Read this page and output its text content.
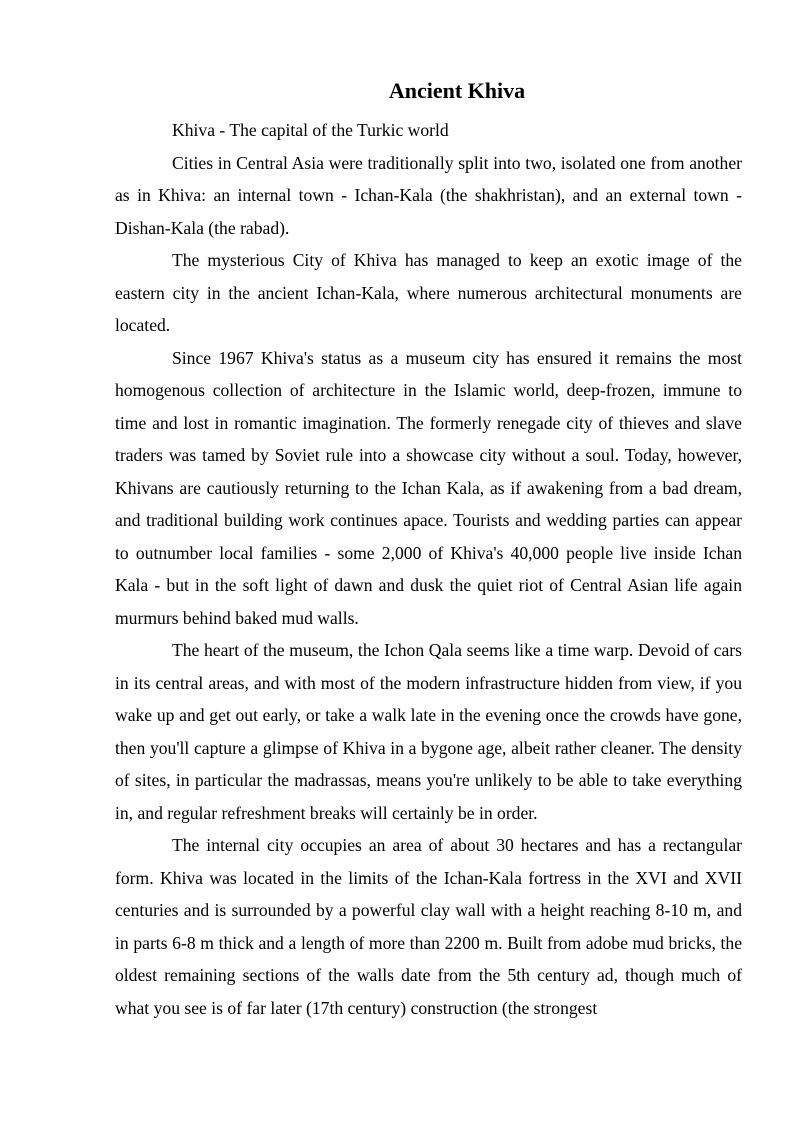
Ancient Khiva

Khiva - The capital of the Turkic world

Cities in Central Asia were traditionally split into two, isolated one from another as in Khiva: an internal town - Ichan-Kala (the shakhristan), and an external town - Dishan-Kala (the rabad).

The mysterious City of Khiva has managed to keep an exotic image of the eastern city in the ancient Ichan-Kala, where numerous architectural monuments are located.

Since 1967 Khiva's status as a museum city has ensured it remains the most homogenous collection of architecture in the Islamic world, deep-frozen, immune to time and lost in romantic imagination. The formerly renegade city of thieves and slave traders was tamed by Soviet rule into a showcase city without a soul. Today, however, Khivans are cautiously returning to the Ichan Kala, as if awakening from a bad dream, and traditional building work continues apace. Tourists and wedding parties can appear to outnumber local families - some 2,000 of Khiva's 40,000 people live inside Ichan Kala - but in the soft light of dawn and dusk the quiet riot of Central Asian life again murmurs behind baked mud walls.

The heart of the museum, the Ichon Qala seems like a time warp. Devoid of cars in its central areas, and with most of the modern infrastructure hidden from view, if you wake up and get out early, or take a walk late in the evening once the crowds have gone, then you'll capture a glimpse of Khiva in a bygone age, albeit rather cleaner. The density of sites, in particular the madrassas, means you're unlikely to be able to take everything in, and regular refreshment breaks will certainly be in order.

The internal city occupies an area of about 30 hectares and has a rectangular form. Khiva was located in the limits of the Ichan-Kala fortress in the XVI and XVII centuries and is surrounded by a powerful clay wall with a height reaching 8-10 m, and in parts 6-8 m thick and a length of more than 2200 m. Built from adobe mud bricks, the oldest remaining sections of the walls date from the 5th century ad, though much of what you see is of far later (17th century) construction (the strongest
